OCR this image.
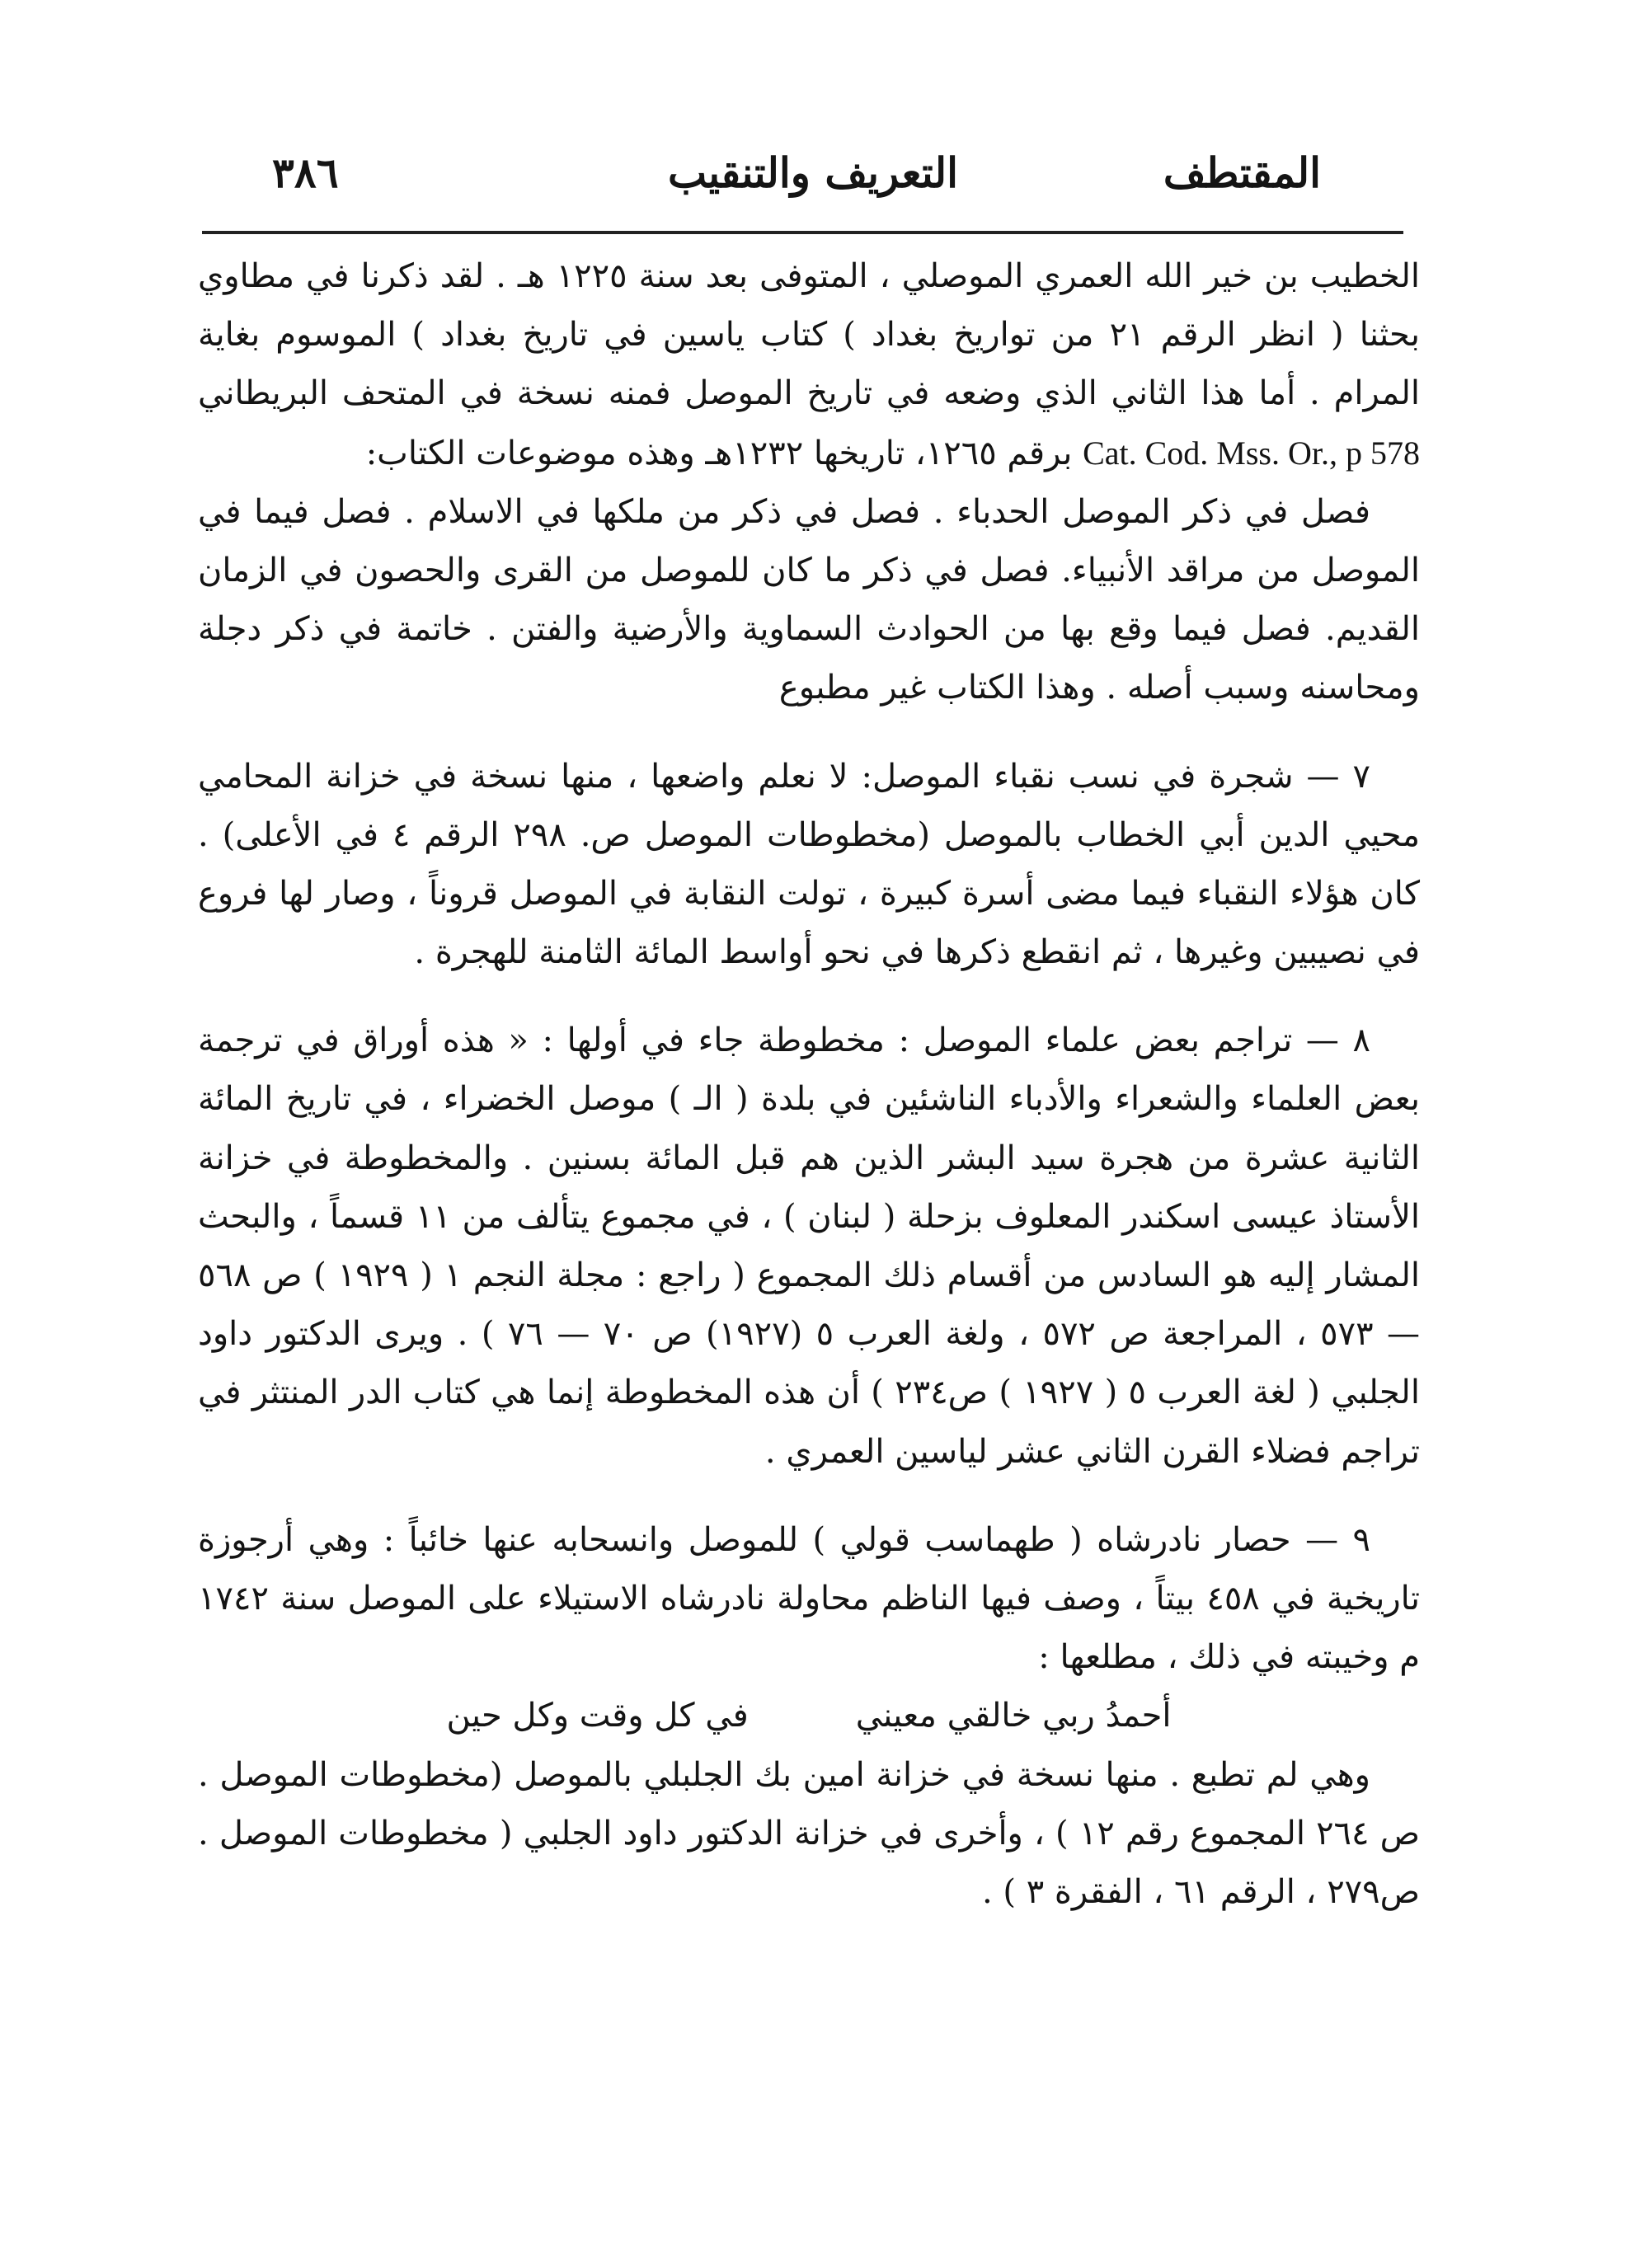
٣٨٦	التعريف والتنقيب	المقتطف

الخطيب بن خير الله العمري الموصلي ، المتوفى بعد سنة ١٢٢٥ هـ . لقد ذكرنا في مطاوي بحثنا ( انظر الرقم ٢١ من تواريخ بغداد ) كتاب ياسين في تاريخ بغداد ) الموسوم بغاية المرام . أما هذا الثاني الذي وضعه في تاريخ الموصل فمنه نسخة في المتحف البريطاني Cat. Cod. Mss. Or., p 578 برقم ١٢٦٥، تاريخها ١٢٣٢هـ وهذه موضوعات الكتاب:

فصل في ذكر الموصل الحدباء . فصل في ذكر من ملكها في الاسلام . فصل فيما في الموصل من مراقد الأنبياء. فصل في ذكر ما كان للموصل من القرى والحصون في الزمان القديم. فصل فيما وقع بها من الحوادث السماوية والأرضية والفتن . خاتمة في ذكر دجلة ومحاسنه وسبب أصله . وهذا الكتاب غير مطبوع

٧ — شجرة في نسب نقباء الموصل: لا نعلم واضعها ، منها نسخة في خزانة المحامي محيي الدين أبي الخطاب بالموصل (مخطوطات الموصل ص. ٢٩٨ الرقم ٤ في الأعلى) . كان هؤلاء النقباء فيما مضى أسرة كبيرة ، تولت النقابة في الموصل قروناً ، وصار لها فروع في نصيبين وغيرها ، ثم انقطع ذكرها في نحو أواسط المائة الثامنة للهجرة .

٨ — تراجم بعض علماء الموصل : مخطوطة جاء في أولها : « هذه أوراق في ترجمة بعض العلماء والشعراء والأدباء الناشئين في بلدة ( الـ ) موصل الخضراء ، في تاريخ المائة الثانية عشرة من هجرة سيد البشر الذين هم قبل المائة بسنين . والمخطوطة في خزانة الأستاذ عيسى اسكندر المعلوف بزحلة ( لبنان ) ، في مجموع يتألف من ١١ قسماً ، والبحث المشار إليه هو السادس من أقسام ذلك المجموع ( راجع : مجلة النجم ١ ( ١٩٢٩ ) ص ٥٦٨ — ٥٧٣ ، المراجعة ص ٥٧٢ ، ولغة العرب ٥ (١٩٢٧) ص ٧٠ — ٧٦ ) . ويرى الدكتور داود الجلبي ( لغة العرب ٥ ( ١٩٢٧ ) ص٢٣٤ ) أن هذه المخطوطة إنما هي كتاب الدر المنتثر في تراجم فضلاء القرن الثاني عشر لياسين العمري .

٩ — حصار نادرشاه ( طهماسب قولي ) للموصل وانسحابه عنها خائباً : وهي أرجوزة تاريخية في ٤٥٨ بيتاً ، وصف فيها الناظم محاولة نادرشاه الاستيلاء على الموصل سنة ١٧٤٢ م وخيبته في ذلك ، مطلعها :

أحمدُ ربي خالقي معيني
في كل وقت وكل حين

وهي لم تطبع . منها نسخة في خزانة امين بك الجلبلي بالموصل (مخطوطات الموصل . ص ٢٦٤ المجموع رقم ١٢ ) ، وأخرى في خزانة الدكتور داود الجلبي ( مخطوطات الموصل . ص٢٧٩ ، الرقم ٦١ ، الفقرة ٣ ) .
